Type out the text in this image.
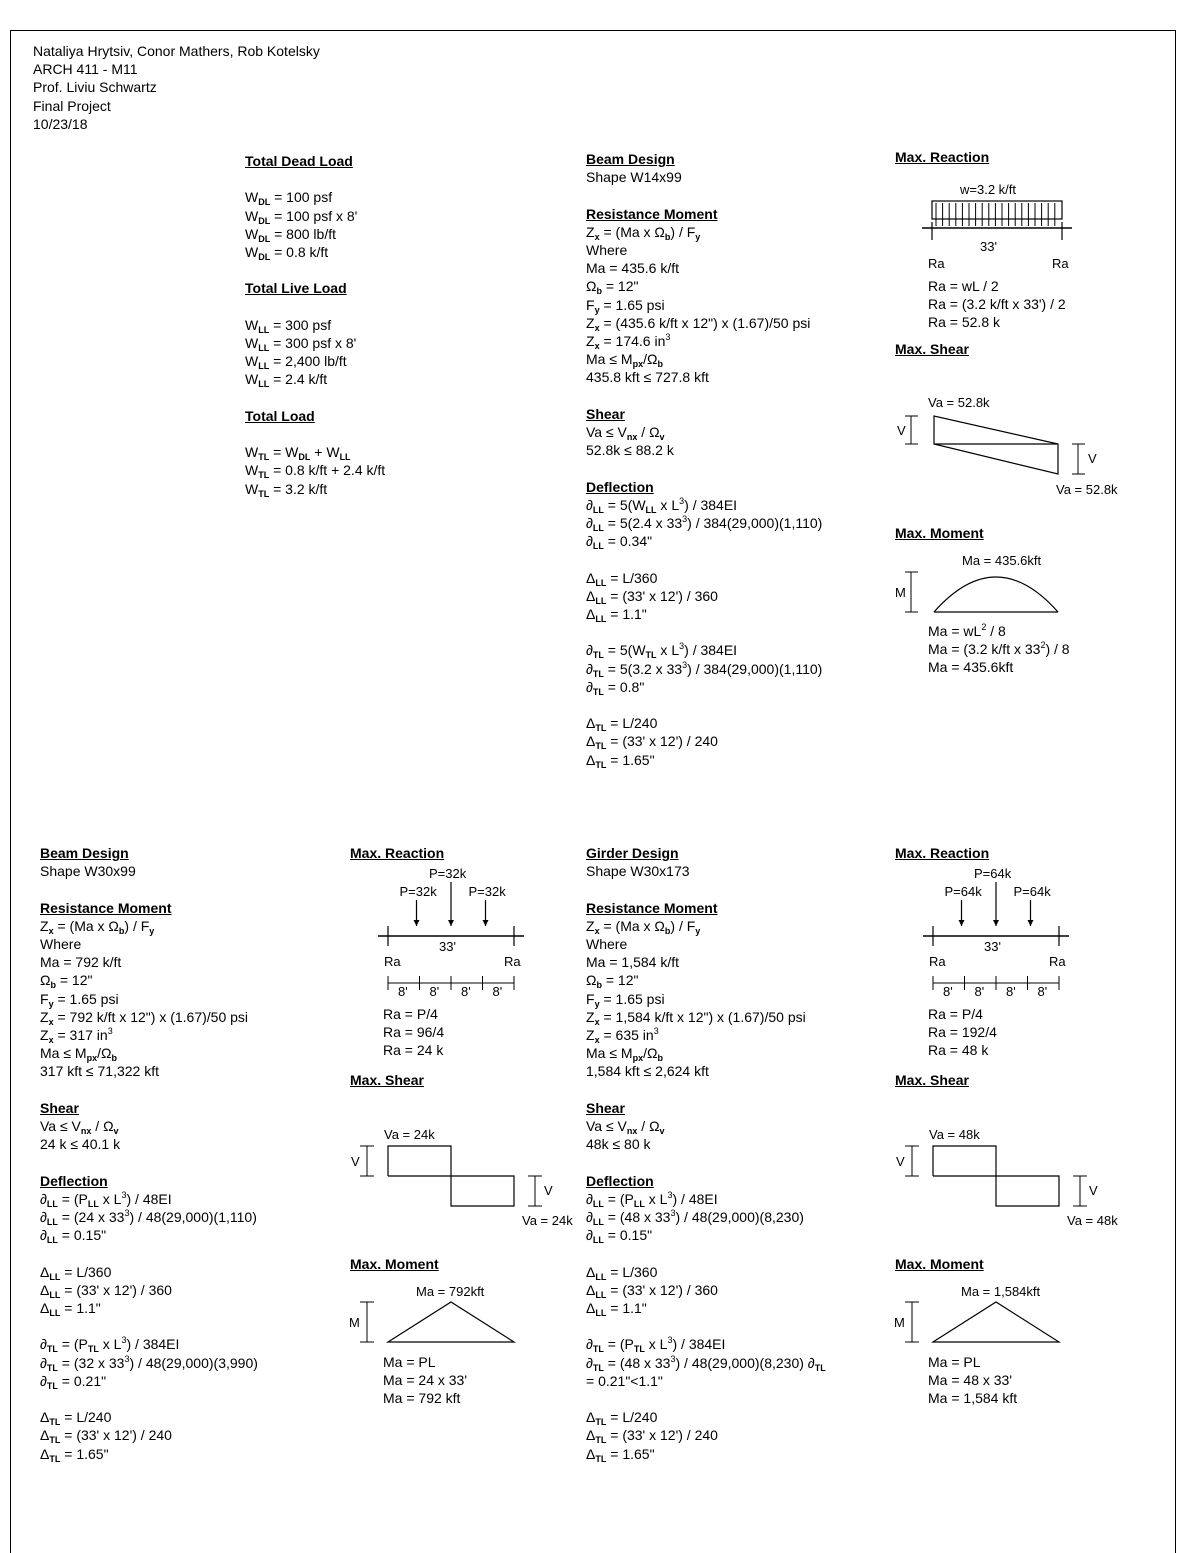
Nataliya Hrytsiv, Conor Mathers, Rob Kotelsky
ARCH 411 - M11
Prof. Liviu Schwartz
Final Project
10/23/18
Total Dead Load
$W_{DL} = 100$ psf
$W_{DL} = 100$ psf x 8'
$W_{DL} = 800$ lb/ft
$W_{DL} = 0.8$ k/ft
Total Live Load
$W_{LL} = 300$ psf
$W_{LL} = 300$ psf x 8'
$W_{LL} = 2,400$ lb/ft
$W_{LL} = 2.4$ k/ft
Total Load
$W_{TL} = W_{DL} + W_{LL}$
$W_{TL} = 0.8$ k/ft + 2.4 k/ft
$W_{TL} = 3.2$ k/ft
Beam Design
Shape W14x99
Resistance Moment
$Z_x = (Ma$ x $\Omega_b) / F_y$
Where
Ma = 435.6 k/ft
$\Omega_b = 12$"
$F_y = 1.65$ psi
$Z_x = (435.6$ k/ft x 12") x (1.67)/50 psi
$Z_x = 174.6$ $in^3$
$Ma \le M_{px}/\Omega_b$
435.8 kft ≤ 727.8 kft
Shear
$Va \le V_{nx} / \Omega_v$
52.8k ≤ 88.2 k
Deflection
$\partial_{LL} = 5(W_{LL}$ x $L^3) / 384EI$
$\partial_{LL} = 5(2.4$ x $33^3) / 384(29,000)(1,110)$
$\partial_{LL} = 0.34$"
$\Delta_{LL} = L/360$
$\Delta_{LL} = (33'$ x 12') / 360
$\Delta_{LL} = 1.1$"
$\partial_{TL} = 5(W_{TL}$ x $L^3) / 384EI$
$\partial_{TL} = 5(3.2$ x $33^3) / 384(29,000)(1,110)$
$\partial_{TL} = 0.8$"
$\Delta_{TL} = L/240$
$\Delta_{TL} = (33'$ x 12') / 240
$\Delta_{TL} = 1.65$"
Max. Reaction
w=3.2 k/ft
33'
Ra	Ra
Ra = wL / 2
Ra = (3.2 k/ft x 33') / 2
Ra = 52.8 k
Max. Shear
Va = 52.8k
V
V
Va = 52.8k
Max. Moment
Ma = 435.6kft
M
$Ma = wL^2 / 8$
Ma = (3.2 k/ft x $33^2) / 8$
Ma = 435.6kft
Beam Design
Shape W30x99
Resistance Moment
$Z_x = (Ma$ x $\Omega_b) / F_y$
Where
Ma = 792 k/ft
$\Omega_b = 12$"
$F_y = 1.65$ psi
$Z_x = 792$ k/ft x 12") x (1.67)/50 psi
$Z_x = 317$ $in^3$
$Ma \le M_{px}/\Omega_b$
317 kft ≤ 71,322 kft
Shear
$Va \le V_{nx} / \Omega_v$
24 k ≤ 40.1 k
Deflection
$\partial_{LL} = (P_{LL}$ x $L^3) / 48EI$
$\partial_{LL} = (24$ x $33^3) / 48(29,000)(1,110)$
$\partial_{LL} = 0.15$"
$\Delta_{LL} = L/360$
$\Delta_{LL} = (33'$ x 12') / 360
$\Delta_{LL} = 1.1$"
$\partial_{TL} = (P_{TL}$ x $L^3) / 384EI$
$\partial_{TL} = (32$ x $33^3) / 48(29,000)(3,990)$
$\partial_{TL} = 0.21$"
$\Delta_{TL} = L/240$
$\Delta_{TL} = (33'$ x 12') / 240
$\Delta_{TL} = 1.65$"
Girder Design
Shape W30x173
Resistance Moment
$Z_x = (Ma$ x $\Omega_b) / F_y$
Where
Ma = 1,584 k/ft
$\Omega_b = 12$"
$F_y = 1.65$ psi
$Z_x = 1,584$ k/ft x 12") x (1.67)/50 psi
$Z_x = 635$ $in^3$
$Ma \le M_{px}/\Omega_b$
1,584 kft ≤ 2,624 kft
Shear
$Va \le V_{nx} / \Omega_v$
48k ≤ 80 k
Deflection
$\partial_{LL} = (P_{LL}$ x $L^3) / 48EI$
$\partial_{LL} = (48$ x $33^3) / 48(29,000)(8,230)$
$\partial_{LL} = 0.15$"
$\Delta_{LL} = L/360$
$\Delta_{LL} = (33'$ x 12') / 360
$\Delta_{LL} = 1.1$"
$\partial_{TL} = (P_{TL}$ x $L^3) / 384EI$
$\partial_{TL} = (48$ x $33^3) / 48(29,000)(8,230)$ $\partial_{TL}$
= 0.21"<1.1"
$\Delta_{TL} = L/240$
$\Delta_{TL} = (33'$ x 12') / 240
$\Delta_{TL} = 1.65$"
Max. Reaction
P=32k
P=32k P=32k
33'
Ra	Ra
8' 8' 8' 8'
Va = 24k
V
V
Va = 24k
Ma = 792kft
M
Ra = P/4
Ra = 96/4
Ra = 24 k
Max. Shear
Max. Moment
Ma = PL
Ma = 24 x 33'
Ma = 792 kft
Max. Reaction
P=64k
P=64k P=64k
33'
Ra	Ra
8' 8' 8' 8'
Va = 48k
V
V
Va = 48k
Ma = 1,584kft
M
Ra = P/4
Ra = 192/4
Ra = 48 k
Max. Shear
Max. Moment
Ma = PL
Ma = 48 x 33'
Ma = 1,584 kft
